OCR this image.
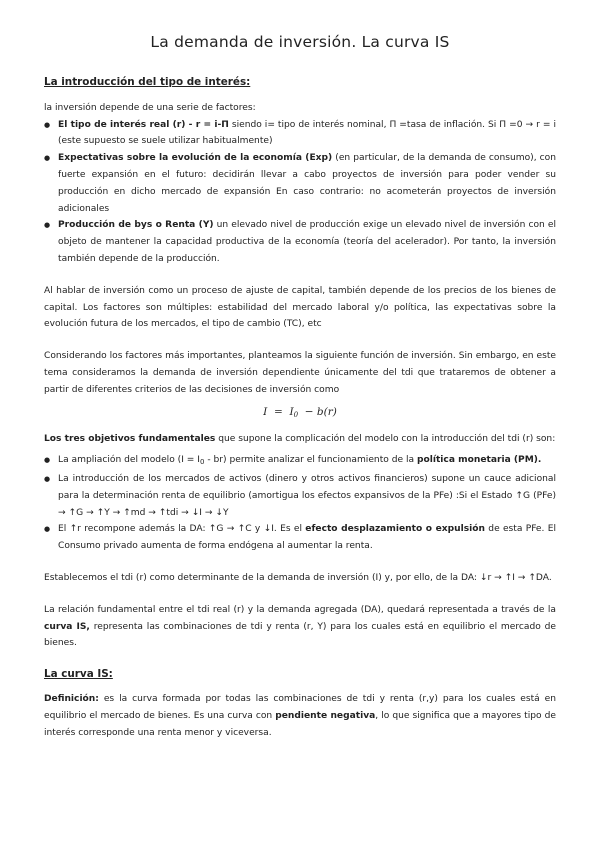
La demanda de inversión. La curva IS
La introducción del tipo de interés:

la inversión depende de una serie de factores:

● El tipo de interés real (r) - r = i-Π siendo i= tipo de interés nominal, Π =tasa de inflación. Si Π =0 → r = i (este supuesto se suele utilizar habitualmente)
● Expectativas sobre la evolución de la economía (Exp) (en particular, de la demanda de consumo), con fuerte expansión en el futuro: decidirán llevar a cabo proyectos de inversión para poder vender su producción en dicho mercado de expansión En caso contrario: no acometerán proyectos de inversión adicionales
● Producción de bys o Renta (Y) un elevado nivel de producción exige un elevado nivel de inversión con el objeto de mantener la capacidad productiva de la economía (teoría del acelerador). Por tanto, la inversión también depende de la producción.

Al hablar de inversión como un proceso de ajuste de capital, también depende de los precios de los bienes de capital. Los factores son múltiples: estabilidad del mercado laboral y/o política, las expectativas sobre la evolución futura de los mercados, el tipo de cambio (TC), etc

Considerando los factores más importantes, planteamos la siguiente función de inversión. Sin embargo, en este tema consideramos la demanda de inversión dependiente únicamente del tdi que trataremos de obtener a partir de diferentes criterios de las decisiones de inversión como

$I = I_0 - b(r)$

Los tres objetivos fundamentales que supone la complicación del modelo con la introducción del tdi (r) son:

● La ampliación del modelo $(I = I_0 - br)$ permite analizar el funcionamiento de la política monetaria (PM).
● La introducción de los mercados de activos (dinero y otros activos financieros) supone un cauce adicional para la determinación renta de equilibrio (amortigua los efectos expansivos de la PFe) :Si el Estado ↑G (PFe) → ↑G → ↑Y → ↑md → ↑tdi → ↓I → ↓Y
● El ↑r recompone además la DA: ↑G → ↑C y ↓I. Es el efecto desplazamiento o expulsión de esta PFe. El Consumo privado aumenta de forma endógena al aumentar la renta.

Establecemos el tdi (r) como determinante de la demanda de inversión (I) y, por ello, de la DA: ↓r → ↑I → ↑DA.

La relación fundamental entre el tdi real (r) y la demanda agregada (DA), quedará representada a través de la curva IS, representa las combinaciones de tdi y renta (r, Y) para los cuales está en equilibrio el mercado de bienes.

La curva IS:

Definición: es la curva formada por todas las combinaciones de tdi y renta (r,y) para los cuales está en equilibrio el mercado de bienes. Es una curva con pendiente negativa, lo que significa que a mayores tipo de interés corresponde una renta menor y viceversa.
